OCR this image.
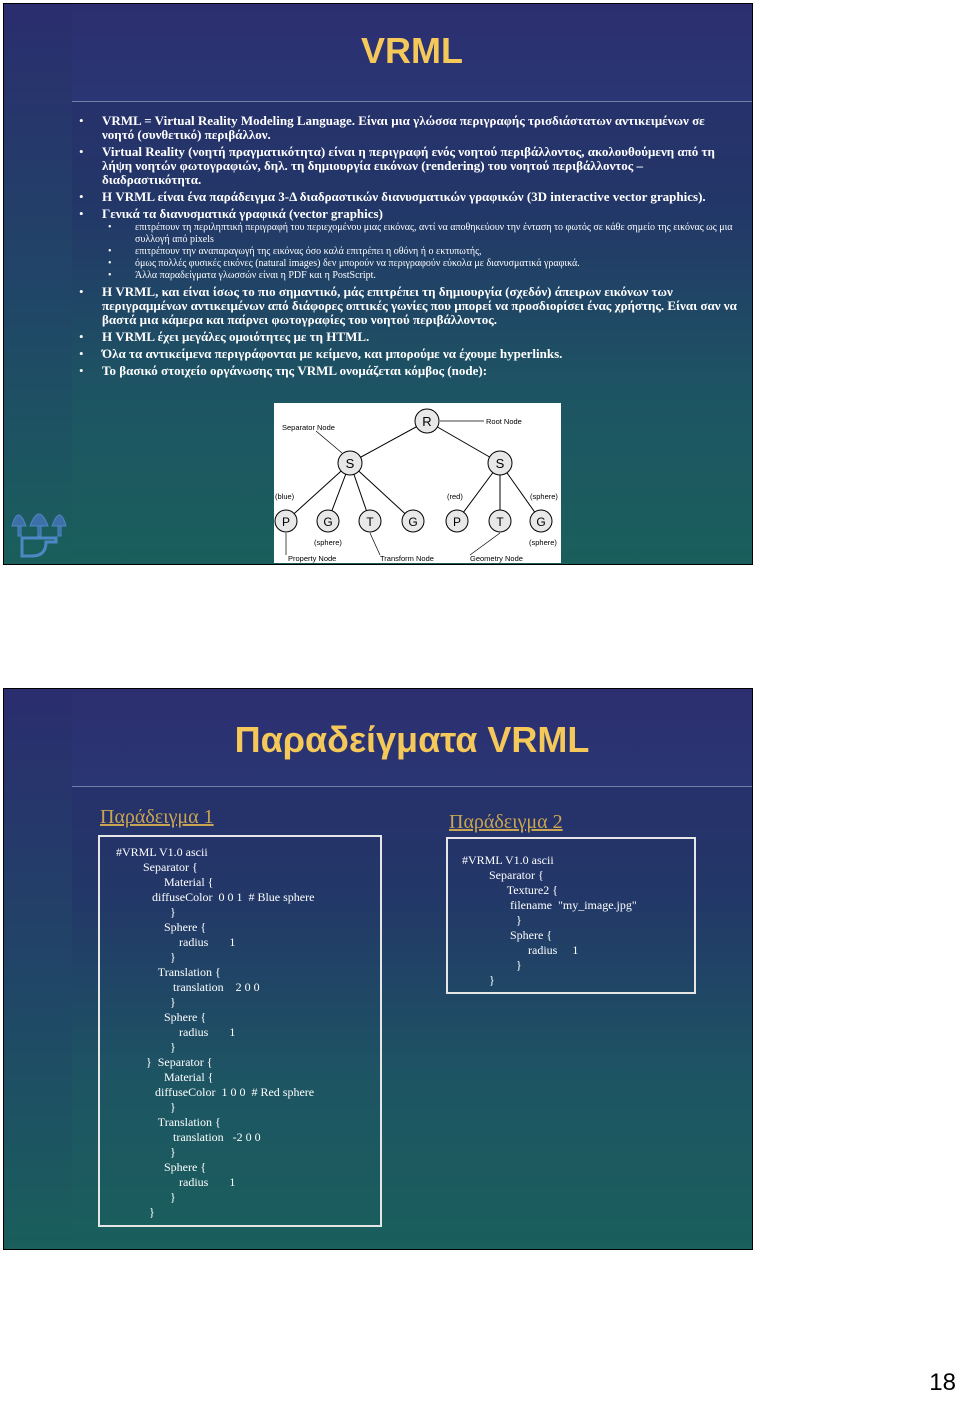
VRML
• VRML = Virtual Reality Modeling Language. Είναι μια γλώσσα περιγραφής τρισδιάστατων αντικειμένων σε νοητό (συνθετικό) περιβάλλον.
• Virtual Reality (νοητή πραγματικότητα) είναι η περιγραφή ενός νοητού περιβάλλοντος, ακολουθούμενη από τη λήψη νοητών φωτογραφιών, δηλ. τη δημιουργία εικόνων (rendering) του νοητού περιβάλλοντος – διαδραστικότητα.
• Η VRML είναι ένα παράδειγμα 3-Δ διαδραστικών διανυσματικών γραφικών (3D interactive vector graphics).
• Γενικά τα διανυσματικά γραφικά (vector graphics)
• επιτρέπουν τη περιληπτική περιγραφή του περιεχομένου μιας εικόνας, αντί να αποθηκεύουν την ένταση το φωτός σε κάθε σημείο της εικόνας ως μια συλλογή από pixels
• επιτρέπουν την αναπαραγωγή της εικόνας όσο καλά επιτρέπει η οθόνη ή ο εκτυπωτής,
• όμως πολλές φυσικές εικόνες (natural images) δεν μπορούν να περιγραφούν εύκολα με διανυσματικά γραφικά.
• Άλλα παραδείγματα γλωσσών είναι η PDF και η PostScript.
• Η VRML, και είναι ίσως το πιο σημαντικό, μάς επιτρέπει τη δημιουργία (σχεδόν) άπειρων εικόνων των περιγραμμένων αντικειμένων από διάφορες οπτικές γωνίες που μπορεί να προσδιορίσει ένας χρήστης. Είναι σαν να βαστά μια κάμερα και παίρνει φωτογραφίες του νοητού περιβάλλοντος.
• Η VRML έχει μεγάλες ομοιότητες με τη HTML.
• Όλα τα αντικείμενα περιγράφονται με κείμενο, και μπορούμε να έχουμε hyperlinks.
• Το βασικό στοιχείο οργάνωσης της VRML ονομάζεται κόμβος (node):
R
S	S
P	G	T	G	P	T	G
Separator Node
Root Node
(blue)	(red)	(sphere)
(sphere)	(sphere)
Property Node	Transform Node	Geometry Node
Παραδείγματα VRML
Παράδειγμα 1	Παράδειγμα 2
#VRML V1.0 ascii
Separator {
Material {
diffuseColor  0 0 1  # Blue sphere
}
Sphere {
radius       1
}
Translation {
translation    2 0 0
}
Sphere {
radius       1
}
}  Separator {
Material {
diffuseColor  1 0 0  # Red sphere
}
Translation {
translation   -2 0 0
}
Sphere {
radius       1
}
}
#VRML V1.0 ascii
Separator {
Texture2 {
filename  "my_image.jpg"
}
Sphere {
radius     1
}
}
18
